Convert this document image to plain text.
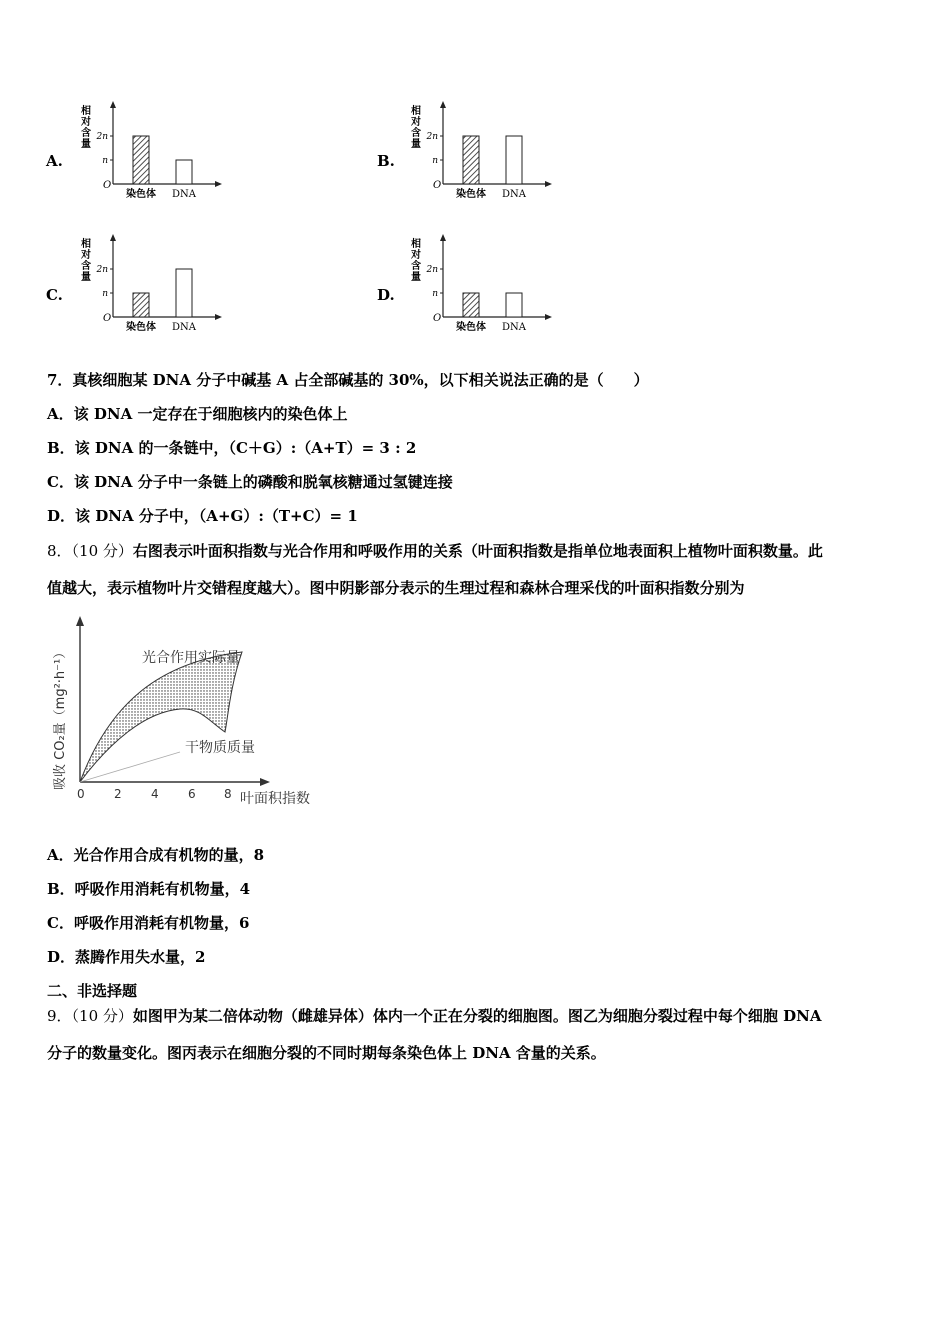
A.	B.
C.	D.
相
对
含
量
2n
n
O
染色体 DNA
相
对
含
量
2n
n
O
染色体 DNA
相
对
含
量
2n
n
O
染色体 DNA
相
对
含
量
2n
n
O
染色体 DNA
7．真核细胞某 DNA 分子中碱基 A 占全部碱基的 30%，以下相关说法正确的是（　　）
A．该 DNA 一定存在于细胞核内的染色体上
B．该 DNA 的一条链中，（C＋G）:（A+T）= 3 : 2
C．该 DNA 分子中一条链上的磷酸和脱氧核糖通过氢键连接
D．该 DNA 分子中，（A+G）:（T+C）= 1
8．（10 分）右图表示叶面积指数与光合作用和呼吸作用的关系（叶面积指数是指单位地表面积上植物叶面积数量。此
值越大，表示植物叶片交错程度越大）。图中阴影部分表示的生理过程和森林合理采伐的叶面积指数分别为
光合作用实际量
干物质质量
0 2 4 6 8 叶面积指数
吸收 CO₂量（mg²·h⁻¹）
A．光合作用合成有机物的量，8
B．呼吸作用消耗有机物量，4
C．呼吸作用消耗有机物量，6
D．蒸腾作用失水量，2
二、非选择题
9．（10 分）如图甲为某二倍体动物（雌雄异体）体内一个正在分裂的细胞图。图乙为细胞分裂过程中每个细胞 DNA
分子的数量变化。图丙表示在细胞分裂的不同时期每条染色体上 DNA 含量的关系。
